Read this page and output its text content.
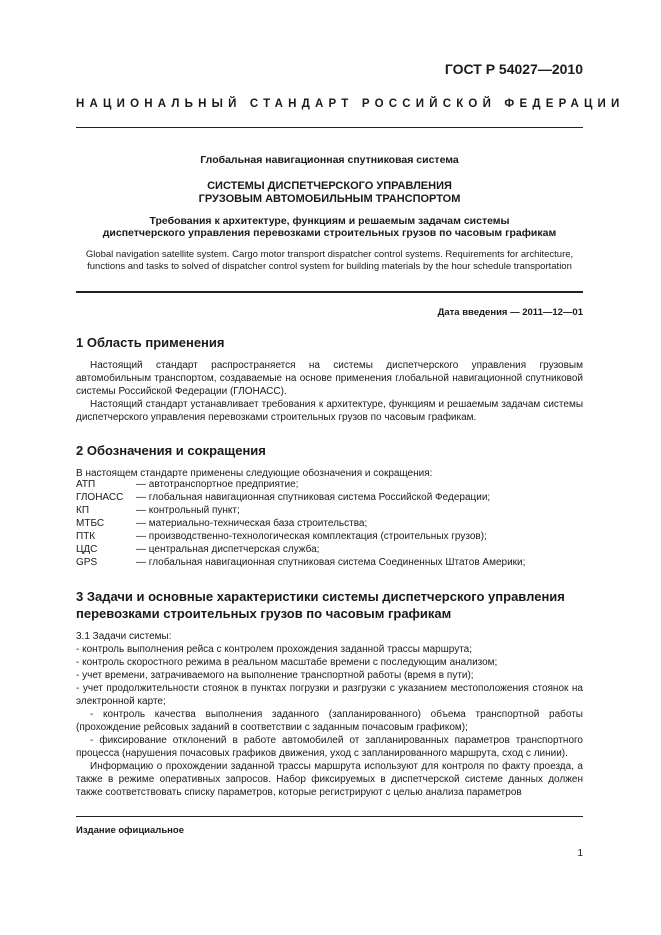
ГОСТ Р 54027—2010
НАЦИОНАЛЬНЫЙ СТАНДАРТ РОССИЙСКОЙ ФЕДЕРАЦИИ
Глобальная навигационная спутниковая система
СИСТЕМЫ ДИСПЕТЧЕРСКОГО УПРАВЛЕНИЯ
ГРУЗОВЫМ АВТОМОБИЛЬНЫМ ТРАНСПОРТОМ
Требования к архитектуре, функциям и решаемым задачам системы
диспетчерского управления перевозками строительных грузов по часовым графикам
Global navigation satellite system. Cargo motor transport dispatcher control systems. Requirements for architecture,
functions and tasks to solved of dispatcher control system for building materials by the hour schedule transportation
Дата введения — 2011—12—01
1 Область применения
Настоящий стандарт распространяется на системы диспетчерского управления грузовым автомобильным транспортом, создаваемые на основе применения глобальной навигационной спутниковой системы Российской Федерации (ГЛОНАСС).
Настоящий стандарт устанавливает требования к архитектуре, функциям и решаемым задачам системы диспетчерского управления перевозками строительных грузов по часовым графикам.
2 Обозначения и сокращения
В настоящем стандарте применены следующие обозначения и сокращения:
АТП	— автотранспортное предприятие;
ГЛОНАСС — глобальная навигационная спутниковая система Российской Федерации;
КП	— контрольный пункт;
МТБС	— материально-техническая база строительства;
ПТК	— производственно-технологическая комплектация (строительных грузов);
ЦДС	— центральная диспетчерская служба;
GPS	— глобальная навигационная спутниковая система Соединенных Штатов Америки;
3 Задачи и основные характеристики системы диспетчерского управления
перевозками строительных грузов по часовым графикам
3.1 Задачи системы:
- контроль выполнения рейса с контролем прохождения заданной трассы маршрута;
- контроль скоростного режима в реальном масштабе времени с последующим анализом;
- учет времени, затрачиваемого на выполнение транспортной работы (время в пути);
- учет продолжительности стоянок в пунктах погрузки и разгрузки с указанием местоположения стоянок на электронной карте;
- контроль качества выполнения заданного (запланированного) объема транспортной работы (прохождение рейсовых заданий в соответствии с заданным почасовым графиком);
- фиксирование отклонений в работе автомобилей от запланированных параметров транспортного процесса (нарушения почасовых графиков движения, уход с запланированного маршрута, сход с линии).
Информацию о прохождении заданной трассы маршрута используют для контроля по факту проезда, а также в режиме оперативных запросов. Набор фиксируемых в диспетчерской системе данных должен также соответствовать списку параметров, которые регистрируют с целью анализа параметров
Издание официальное
1
